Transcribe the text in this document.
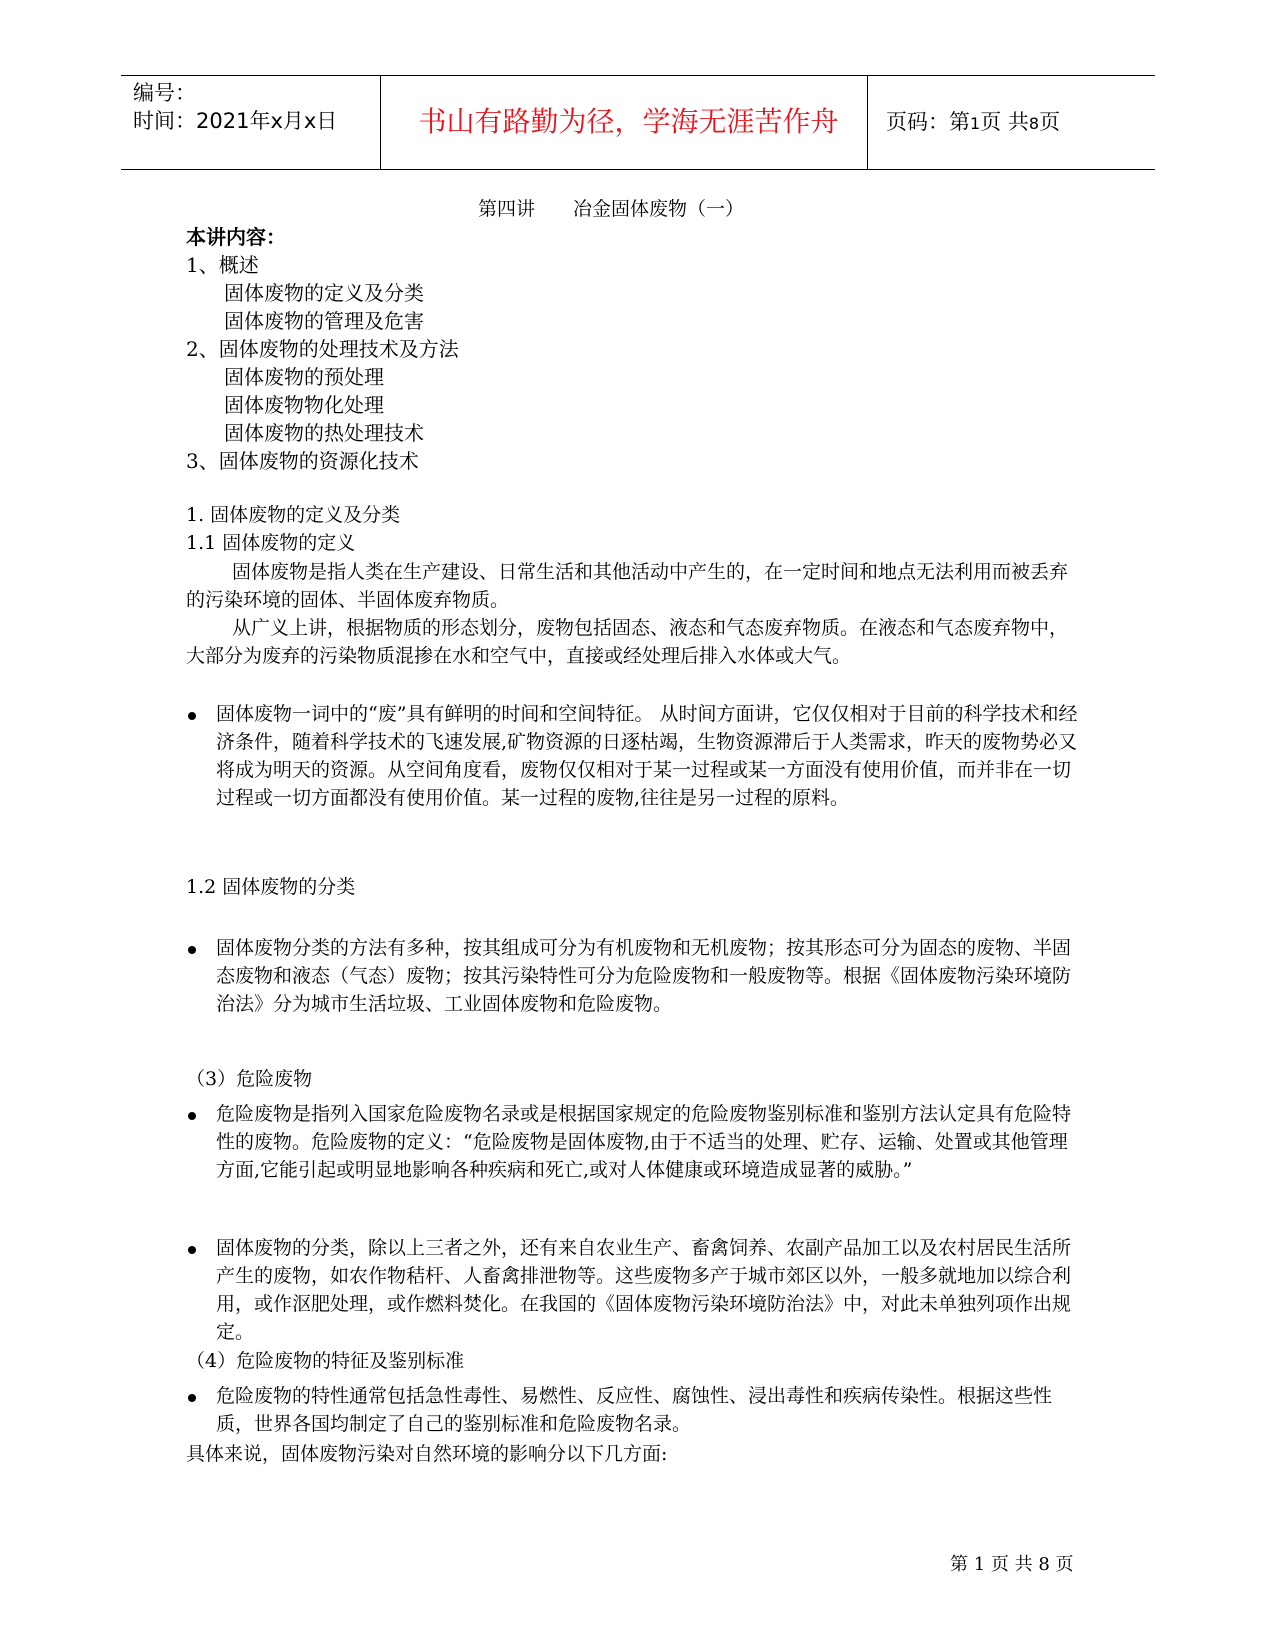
编号：
时间：2021年x月x日	书山有路勤为径，学海无涯苦作舟	页码：第1页 共8页
第四讲　　冶金固体废物（一）
本讲内容：
1、概述
固体废物的定义及分类
固体废物的管理及危害
2、固体废物的处理技术及方法
固体废物的预处理
固体废物物化处理
固体废物的热处理技术
3、固体废物的资源化技术
1. 固体废物的定义及分类
1.1 固体废物的定义
固体废物是指人类在生产建设、日常生活和其他活动中产生的，在一定时间和地点无法利用而被丢弃的污染环境的固体、半固体废弃物质。
从广义上讲，根据物质的形态划分，废物包括固态、液态和气态废弃物质。在液态和气态废弃物中，大部分为废弃的污染物质混掺在水和空气中，直接或经处理后排入水体或大气。
固体废物一词中的“废”具有鲜明的时间和空间特征。 从时间方面讲，它仅仅相对于目前的科学技术和经济条件，随着科学技术的飞速发展,矿物资源的日逐枯竭，生物资源滞后于人类需求，昨天的废物势必又将成为明天的资源。从空间角度看，废物仅仅相对于某一过程或某一方面没有使用价值，而并非在一切过程或一切方面都没有使用价值。某一过程的废物,往往是另一过程的原料。
1.2 固体废物的分类
固体废物分类的方法有多种，按其组成可分为有机废物和无机废物；按其形态可分为固态的废物、半固态废物和液态（气态）废物；按其污染特性可分为危险废物和一般废物等。根据《固体废物污染环境防治法》分为城市生活垃圾、工业固体废物和危险废物。
（3）危险废物
危险废物是指列入国家危险废物名录或是根据国家规定的危险废物鉴别标准和鉴别方法认定具有危险特性的废物。危险废物的定义：“危险废物是固体废物,由于不适当的处理、贮存、运输、处置或其他管理方面,它能引起或明显地影响各种疾病和死亡,或对人体健康或环境造成显著的威胁。”
固体废物的分类，除以上三者之外，还有来自农业生产、畜禽饲养、农副产品加工以及农村居民生活所产生的废物，如农作物秸杆、人畜禽排泄物等。这些废物多产于城市郊区以外，一般多就地加以综合利用，或作沤肥处理，或作燃料焚化。在我国的《固体废物污染环境防治法》中，对此未单独列项作出规定。
（4）危险废物的特征及鉴别标准
危险废物的特性通常包括急性毒性、易燃性、反应性、腐蚀性、浸出毒性和疾病传染性。根据这些性质，世界各国均制定了自己的鉴别标准和危险废物名录。
具体来说，固体废物污染对自然环境的影响分以下几方面:
第 1 页 共 8 页
